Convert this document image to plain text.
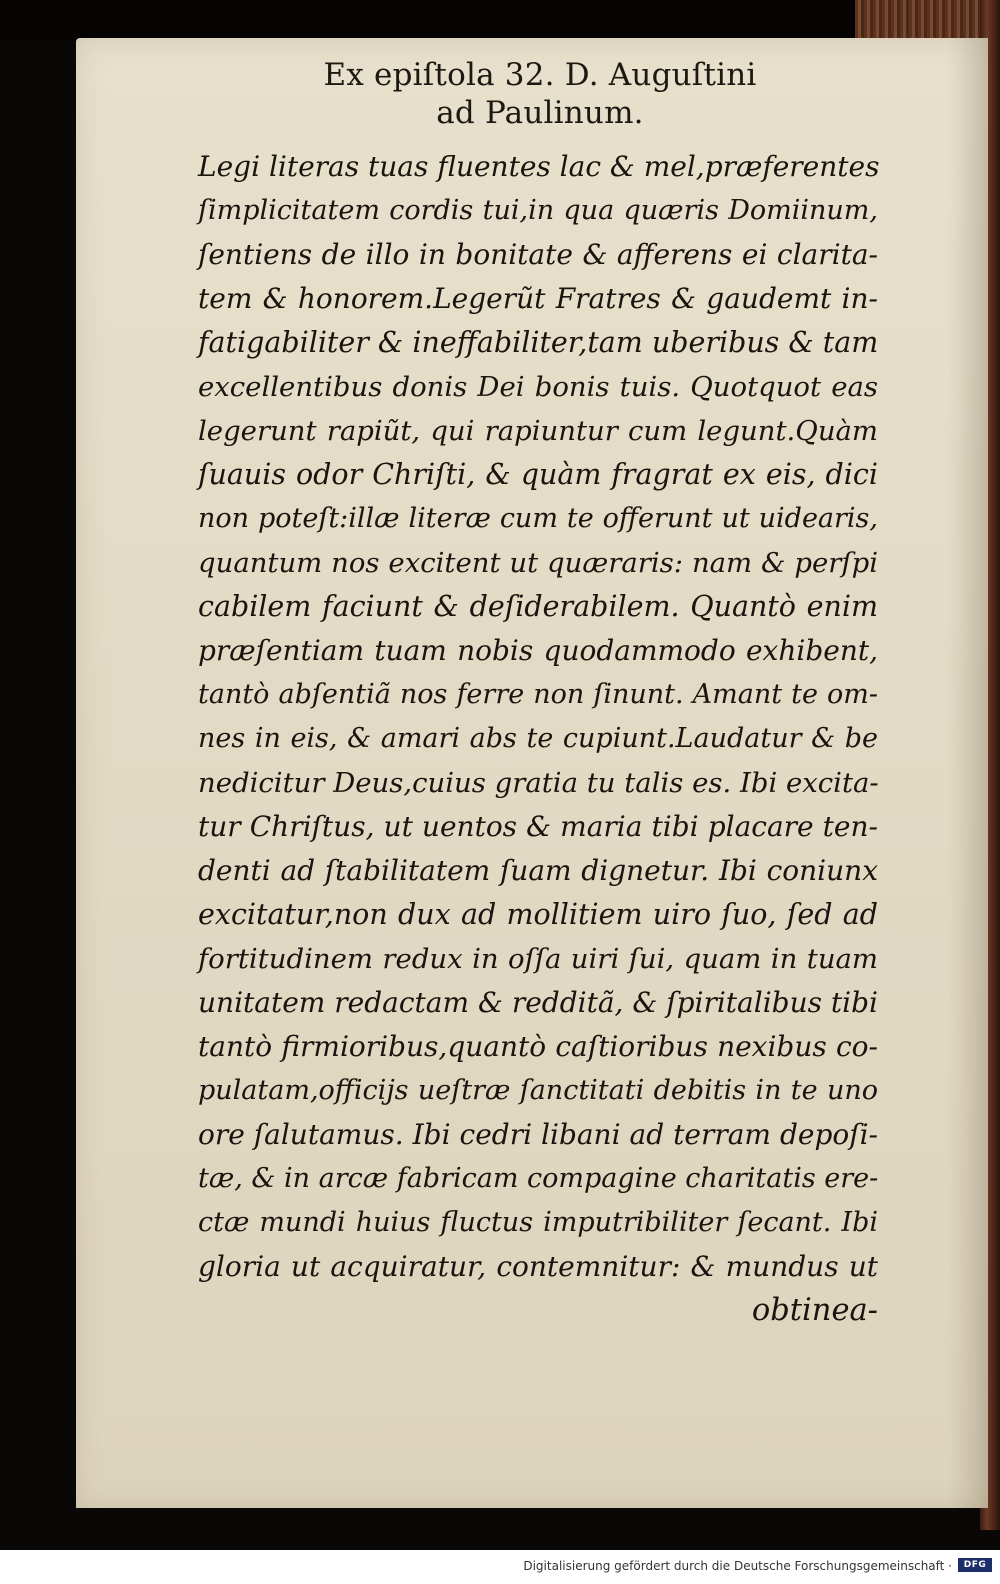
Ex epiſtola 32. D. Auguſtini
ad Paulinum.
Legi literas tuas fluentes lac & mel,præferentes
ſimplicitatem cordis tui,in qua quæris Domiinum,
ſentiens de illo in bonitate & afferens ei clarita-
tem & honorem.Legerũt Fratres & gaudemt in-
fatigabiliter & ineffabiliter,tam uberibus & tam
excellentibus donis Dei bonis tuis. Quotquot eas
legerunt rapiũt, qui rapiuntur cum legunt.Quàm
ſuauis odor Chriſti, & quàm fragrat ex eis, dici
non poteſt:illæ literæ cum te offerunt ut uidearis,
quantum nos excitent ut quæraris: nam & perſpi
cabilem faciunt & deſiderabilem. Quantò enim
præſentiam tuam nobis quodammodo exhibent,
tantò abſentiã nos ferre non ſinunt. Amant te om-
nes in eis, & amari abs te cupiunt.Laudatur & be
nedicitur Deus,cuius gratia tu talis es. Ibi excita-
tur Chriſtus, ut uentos & maria tibi placare ten-
denti ad ſtabilitatem ſuam dignetur. Ibi coniunx
excitatur,non dux ad mollitiem uiro ſuo, ſed ad
fortitudinem redux in oſſa uiri ſui, quam in tuam
unitatem redactam & redditã, & ſpiritalibus tibi
tantò firmioribus,quantò caſtioribus nexibus co-
pulatam,officijs ueſtræ ſanctitati debitis in te uno
ore ſalutamus. Ibi cedri libani ad terram depoſi-
tæ, & in arcæ fabricam compagine charitatis ere-
ctæ mundi huius fluctus imputribiliter ſecant. Ibi
gloria ut acquiratur, contemnitur: & mundus ut
obtinea-
Digitalisierung gefördert durch die Deutsche Forschungsgemeinschaft ·	DFG
